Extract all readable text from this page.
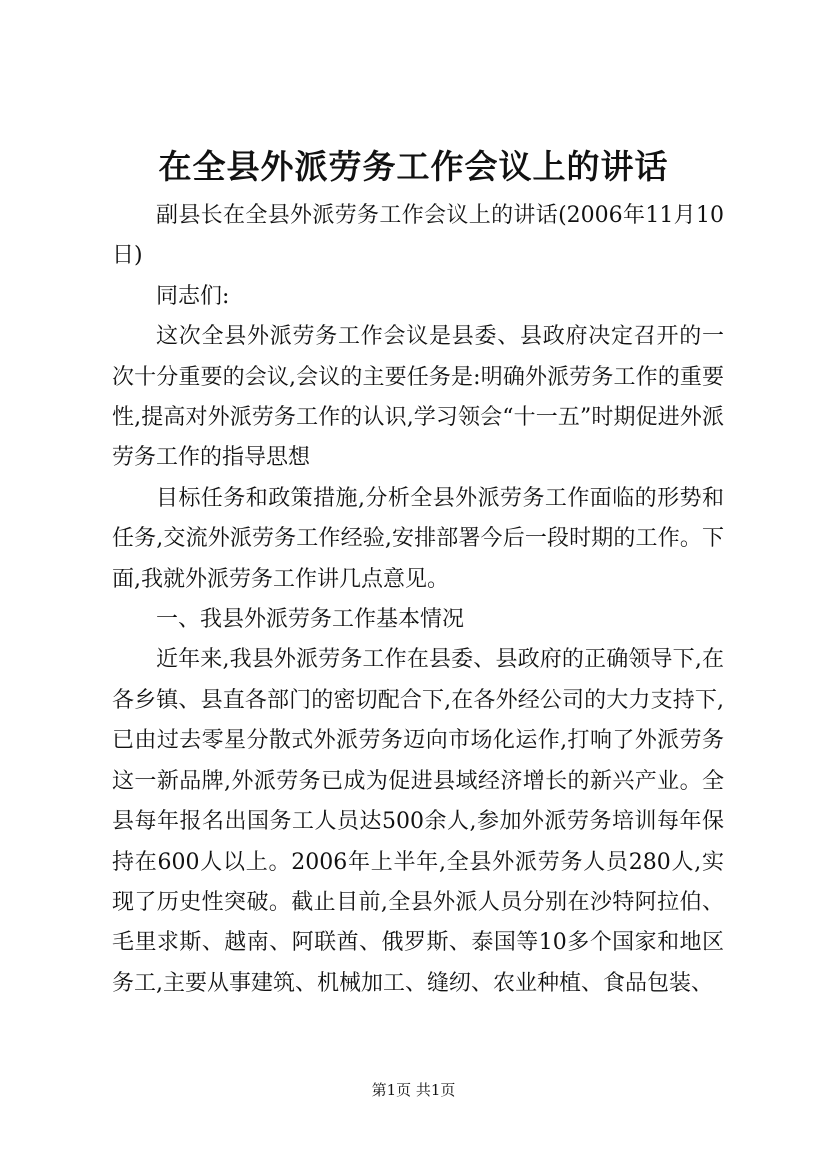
在全县外派劳务工作会议上的讲话

副县长在全县外派劳务工作会议上的讲话(2006年11月10日)

同志们:

这次全县外派劳务工作会议是县委、县政府决定召开的一次十分重要的会议,会议的主要任务是:明确外派劳务工作的重要性,提高对外派劳务工作的认识,学习领会“十一五”时期促进外派劳务工作的指导思想

目标任务和政策措施,分析全县外派劳务工作面临的形势和任务,交流外派劳务工作经验,安排部署今后一段时期的工作。下面,我就外派劳务工作讲几点意见。

一、我县外派劳务工作基本情况

近年来,我县外派劳务工作在县委、县政府的正确领导下,在各乡镇、县直各部门的密切配合下,在各外经公司的大力支持下,已由过去零星分散式外派劳务迈向市场化运作,打响了外派劳务这一新品牌,外派劳务已成为促进县域经济增长的新兴产业。全县每年报名出国务工人员达500余人,参加外派劳务培训每年保持在600人以上。2006年上半年,全县外派劳务人员280人,实现了历史性突破。截止目前,全县外派人员分别在沙特阿拉伯、毛里求斯、越南、阿联酋、俄罗斯、泰国等10多个国家和地区务工,主要从事建筑、机械加工、缝纫、农业种植、食品包装、

第1页 共1页
